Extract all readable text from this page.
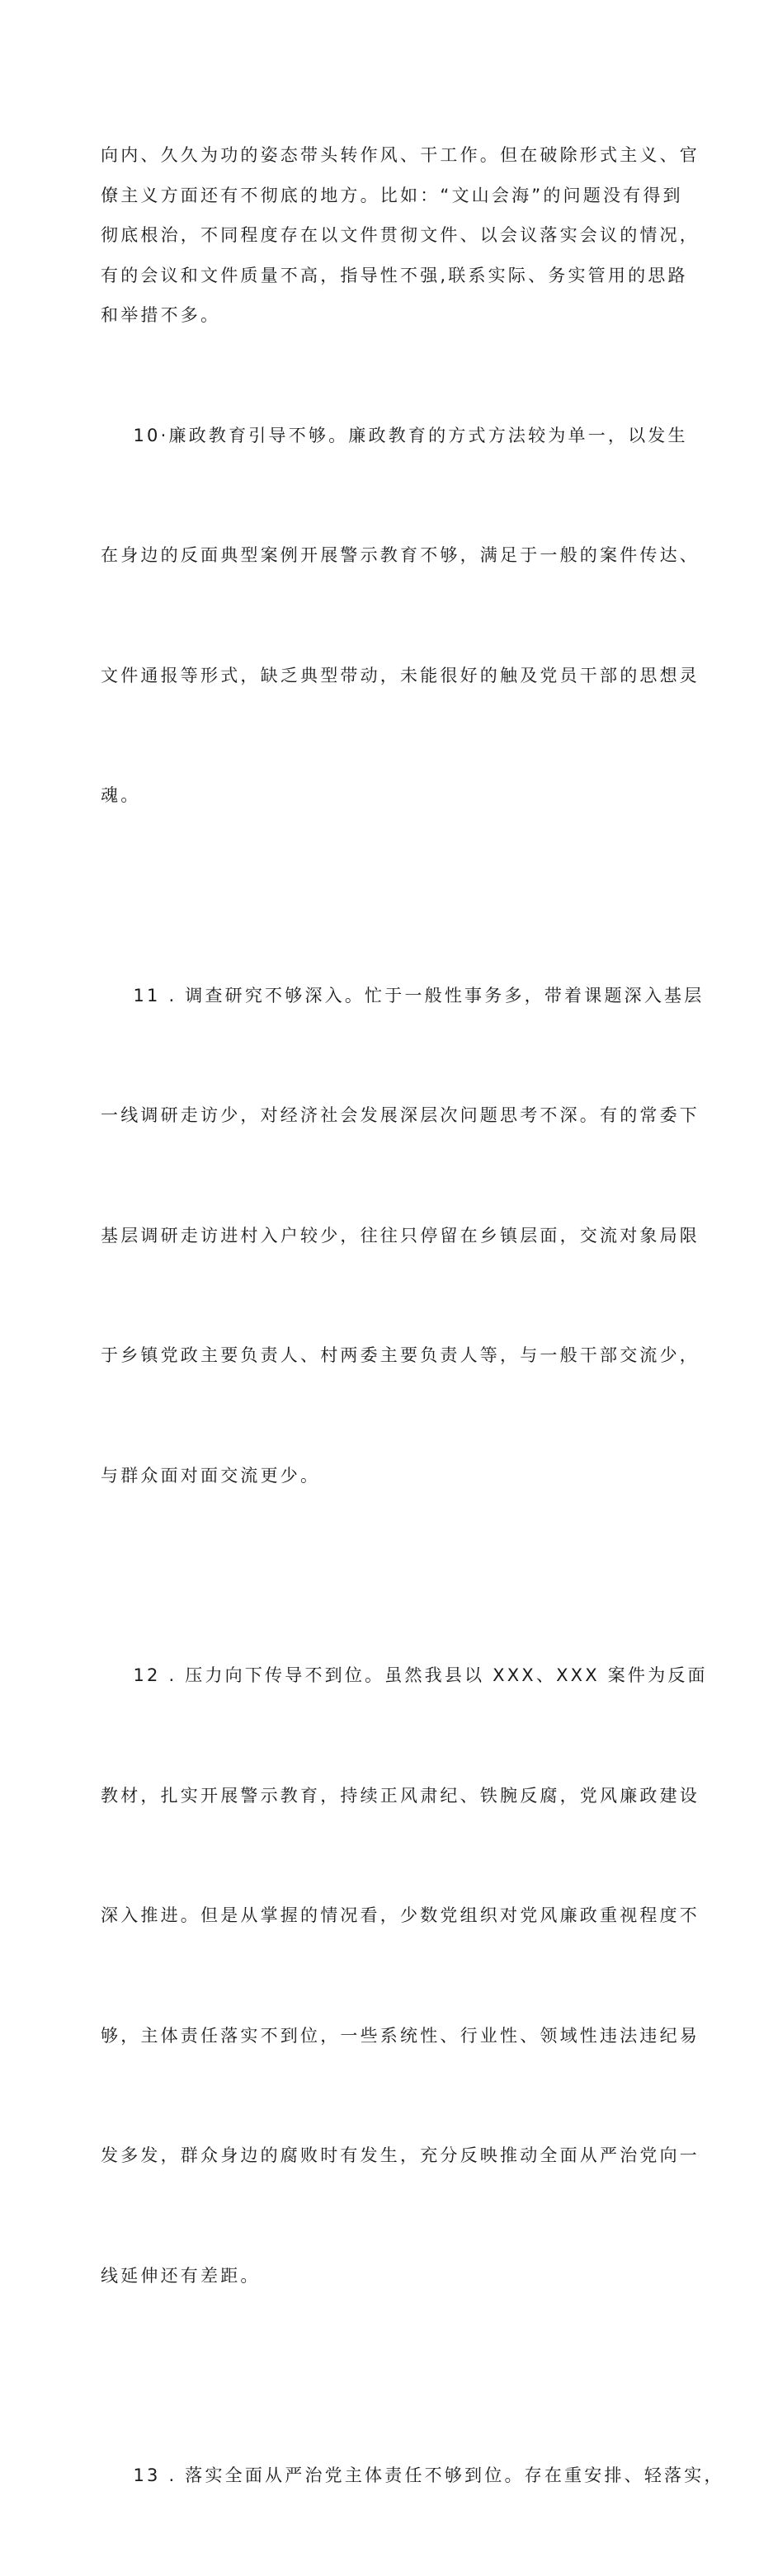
向内、久久为功的姿态带头转作风、干工作。但在破除形式主义、官
僚主义方面还有不彻底的地方。比如：“文山会海”的问题没有得到
彻底根治，不同程度存在以文件贯彻文件、以会议落实会议的情况，
有的会议和文件质量不高，指导性不强,联系实际、务实管用的思路
和举措不多。

10·廉政教育引导不够。廉政教育的方式方法较为单一，以发生

在身边的反面典型案例开展警示教育不够，满足于一般的案件传达、

文件通报等形式，缺乏典型带动，未能很好的触及党员干部的思想灵

魂。

11 . 调查研究不够深入。忙于一般性事务多，带着课题深入基层

一线调研走访少，对经济社会发展深层次问题思考不深。有的常委下

基层调研走访进村入户较少，往往只停留在乡镇层面，交流对象局限

于乡镇党政主要负责人、村两委主要负责人等，与一般干部交流少，

与群众面对面交流更少。

12 . 压力向下传导不到位。虽然我县以 XXX、XXX 案件为反面

教材，扎实开展警示教育，持续正风肃纪、铁腕反腐，党风廉政建设

深入推进。但是从掌握的情况看，少数党组织对党风廉政重视程度不

够，主体责任落实不到位，一些系统性、行业性、领域性违法违纪易

发多发，群众身边的腐败时有发生，充分反映推动全面从严治党向一

线延伸还有差距。

13 . 落实全面从严治党主体责任不够到位。存在重安排、轻落实，
